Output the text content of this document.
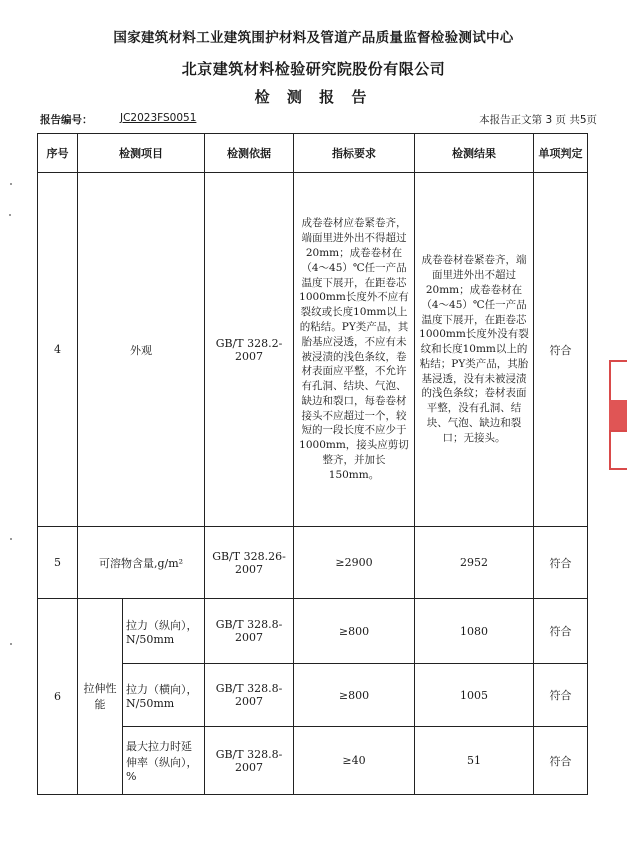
国家建筑材料工业建筑围护材料及管道产品质量监督检验测试中心
北京建筑材料检验研究院股份有限公司
检 测 报 告
报告编号：	JC2023FS0051	本报告正文第 3 页 共5页
序号	检测项目		检测依据	指标要求	检测结果	单项判定
4	外观		GB/T 328.2-2007	成卷卷材应卷紧卷齐，端面里进外出不得超过20mm；成卷卷材在（4～45）℃任一产品温度下展开，在距卷芯1000mm长度外不应有裂纹或长度10mm以上的粘结。PY类产品，其胎基应浸透，不应有未被浸渍的浅色条纹，卷材表面应平整，不允许有孔洞、结块、气泡、缺边和裂口，每卷卷材接头不应超过一个，较短的一段长度不应少于1000mm，接头应剪切整齐，并加长150mm。	成卷卷材卷紧卷齐，端面里进外出不超过20mm；成卷卷材在（4～45）℃任一产品温度下展开，在距卷芯1000mm长度外没有裂纹和长度10mm以上的粘结；PY类产品，其胎基浸透，没有未被浸渍的浅色条纹；卷材表面平整，没有孔洞、结块、气泡、缺边和裂口；无接头。	符合
5	可溶物含量,g/m²		GB/T 328.26-2007	≥2900	2952	符合
6	拉伸性能	拉力（纵向），N/50mm	GB/T 328.8-2007	≥800	1080	符合
		拉力（横向），N/50mm	GB/T 328.8-2007	≥800	1005	符合
		最大拉力时延伸率（纵向），%	GB/T 328.8-2007	≥40	51	符合
